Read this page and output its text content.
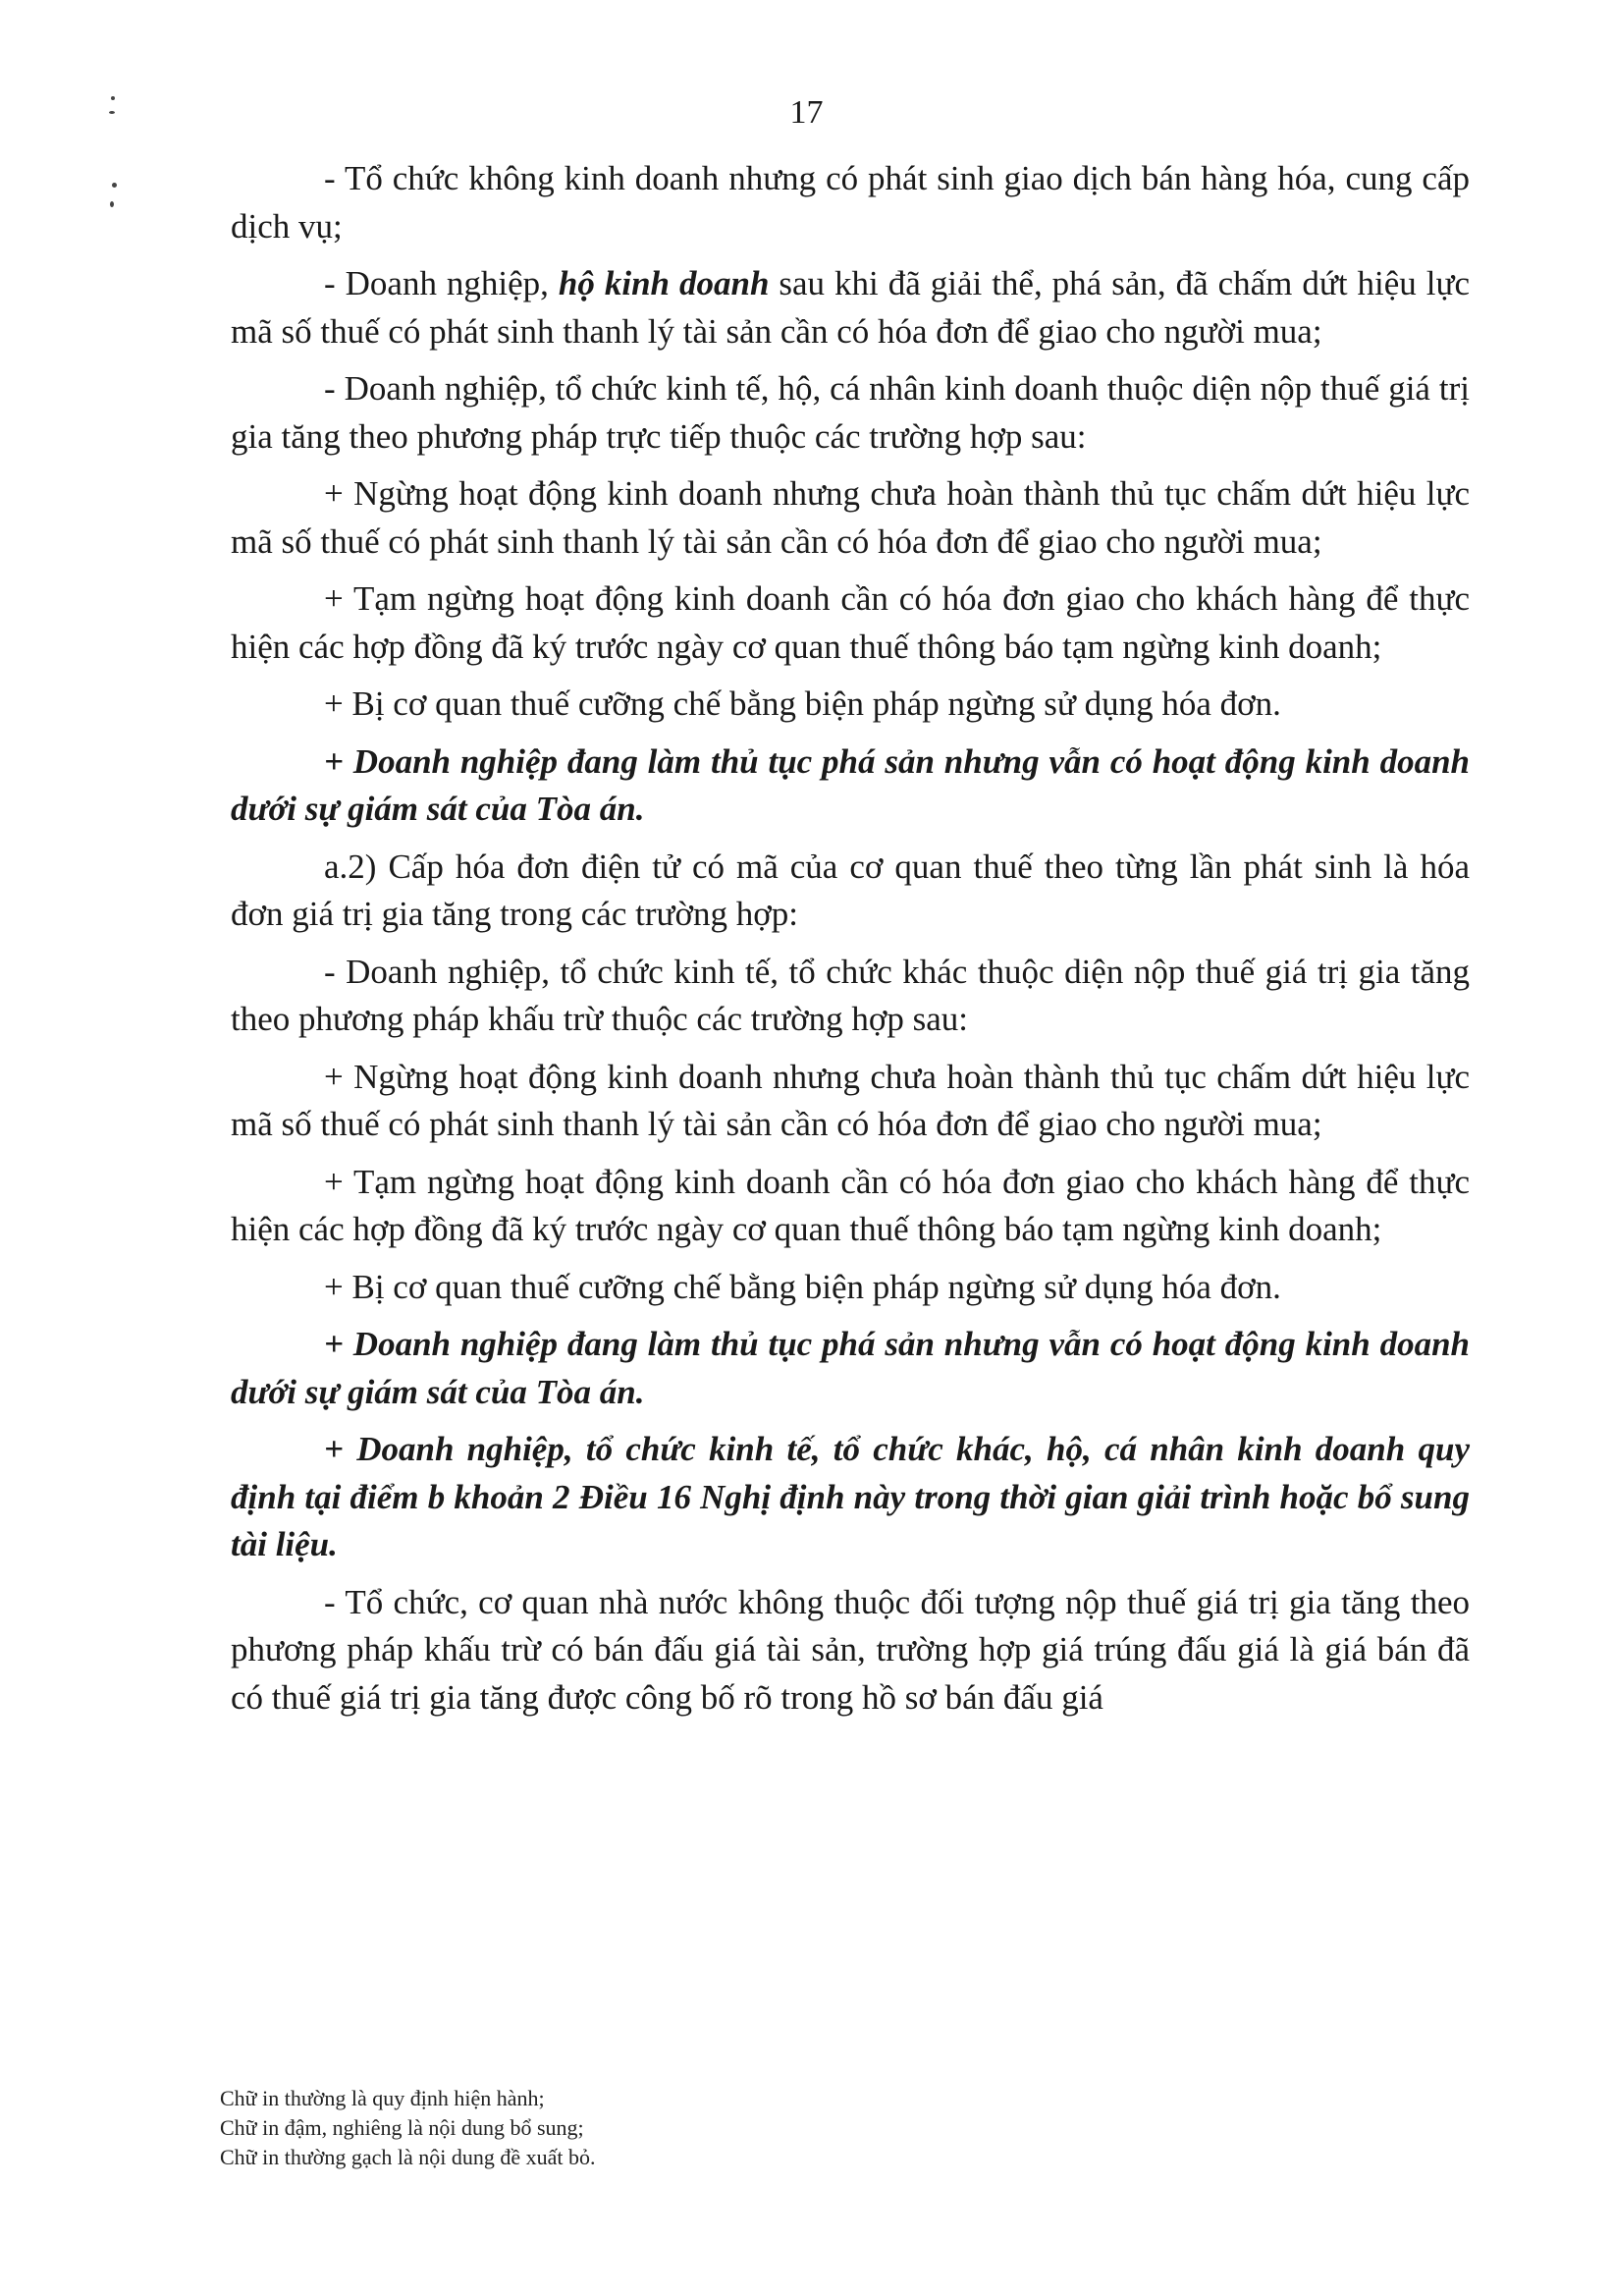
17

- Tổ chức không kinh doanh nhưng có phát sinh giao dịch bán hàng hóa, cung cấp dịch vụ;

- Doanh nghiệp, hộ kinh doanh sau khi đã giải thể, phá sản, đã chấm dứt hiệu lực mã số thuế có phát sinh thanh lý tài sản cần có hóa đơn để giao cho người mua;

- Doanh nghiệp, tổ chức kinh tế, hộ, cá nhân kinh doanh thuộc diện nộp thuế giá trị gia tăng theo phương pháp trực tiếp thuộc các trường hợp sau:

+ Ngừng hoạt động kinh doanh nhưng chưa hoàn thành thủ tục chấm dứt hiệu lực mã số thuế có phát sinh thanh lý tài sản cần có hóa đơn để giao cho người mua;

+ Tạm ngừng hoạt động kinh doanh cần có hóa đơn giao cho khách hàng để thực hiện các hợp đồng đã ký trước ngày cơ quan thuế thông báo tạm ngừng kinh doanh;

+ Bị cơ quan thuế cưỡng chế bằng biện pháp ngừng sử dụng hóa đơn.

+ Doanh nghiệp đang làm thủ tục phá sản nhưng vẫn có hoạt động kinh doanh dưới sự giám sát của Tòa án.

a.2) Cấp hóa đơn điện tử có mã của cơ quan thuế theo từng lần phát sinh là hóa đơn giá trị gia tăng trong các trường hợp:

- Doanh nghiệp, tổ chức kinh tế, tổ chức khác thuộc diện nộp thuế giá trị gia tăng theo phương pháp khấu trừ thuộc các trường hợp sau:

+ Ngừng hoạt động kinh doanh nhưng chưa hoàn thành thủ tục chấm dứt hiệu lực mã số thuế có phát sinh thanh lý tài sản cần có hóa đơn để giao cho người mua;

+ Tạm ngừng hoạt động kinh doanh cần có hóa đơn giao cho khách hàng để thực hiện các hợp đồng đã ký trước ngày cơ quan thuế thông báo tạm ngừng kinh doanh;

+ Bị cơ quan thuế cưỡng chế bằng biện pháp ngừng sử dụng hóa đơn.

+ Doanh nghiệp đang làm thủ tục phá sản nhưng vẫn có hoạt động kinh doanh dưới sự giám sát của Tòa án.

+ Doanh nghiệp, tổ chức kinh tế, tổ chức khác, hộ, cá nhân kinh doanh quy định tại điểm b khoản 2 Điều 16 Nghị định này trong thời gian giải trình hoặc bổ sung tài liệu.

- Tổ chức, cơ quan nhà nước không thuộc đối tượng nộp thuế giá trị gia tăng theo phương pháp khấu trừ có bán đấu giá tài sản, trường hợp giá trúng đấu giá là giá bán đã có thuế giá trị gia tăng được công bố rõ trong hồ sơ bán đấu giá

Chữ in thường là quy định hiện hành;
Chữ in đậm, nghiêng là nội dung bổ sung;
Chữ in thường gạch là nội dung đề xuất bỏ.
